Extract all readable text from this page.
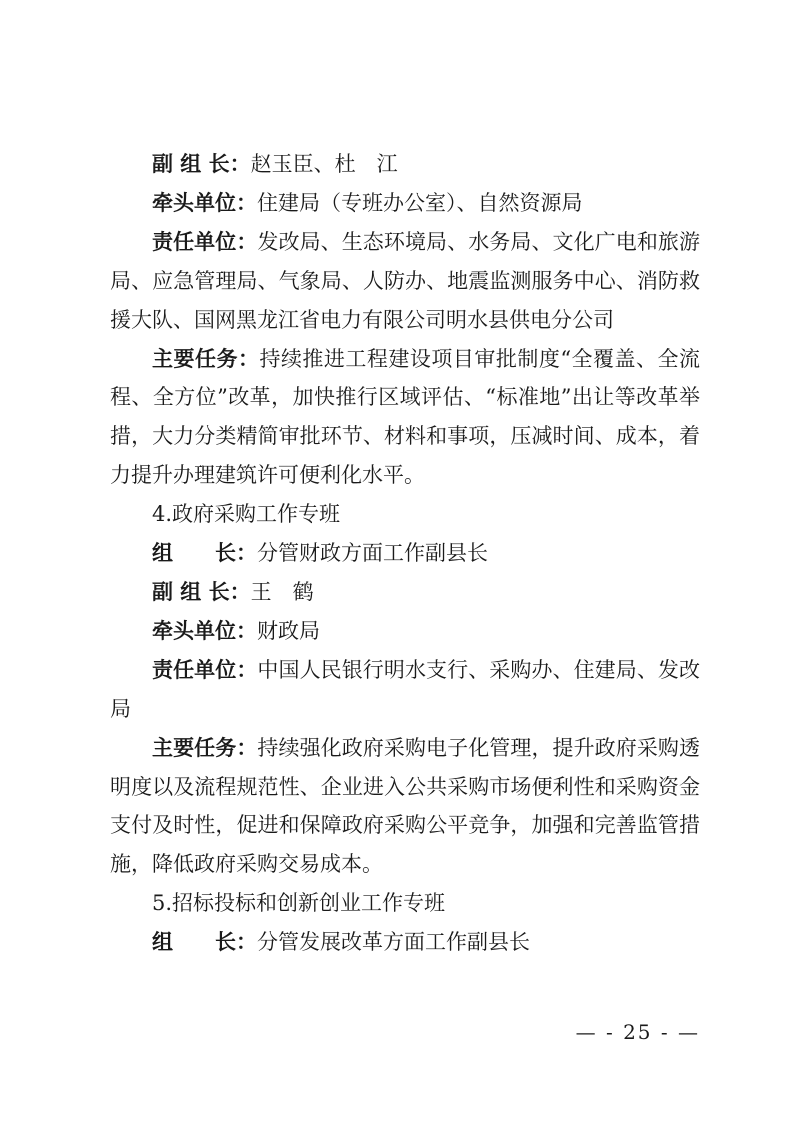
副 组 长：赵玉臣、杜　江

牵头单位：住建局（专班办公室）、自然资源局

责任单位：发改局、生态环境局、水务局、文化广电和旅游局、应急管理局、气象局、人防办、地震监测服务中心、消防救援大队、国网黑龙江省电力有限公司明水县供电分公司

主要任务：持续推进工程建设项目审批制度“全覆盖、全流程、全方位”改革，加快推行区域评估、“标准地”出让等改革举措，大力分类精简审批环节、材料和事项，压减时间、成本，着力提升办理建筑许可便利化水平。

4.政府采购工作专班

组　　长：分管财政方面工作副县长

副 组 长：王　鹤

牵头单位：财政局

责任单位：中国人民银行明水支行、采购办、住建局、发改局

主要任务：持续强化政府采购电子化管理，提升政府采购透明度以及流程规范性、企业进入公共采购市场便利性和采购资金支付及时性，促进和保障政府采购公平竞争，加强和完善监管措施，降低政府采购交易成本。

5.招标投标和创新创业工作专班

组　　长：分管发展改革方面工作副县长

— - 25 - —
